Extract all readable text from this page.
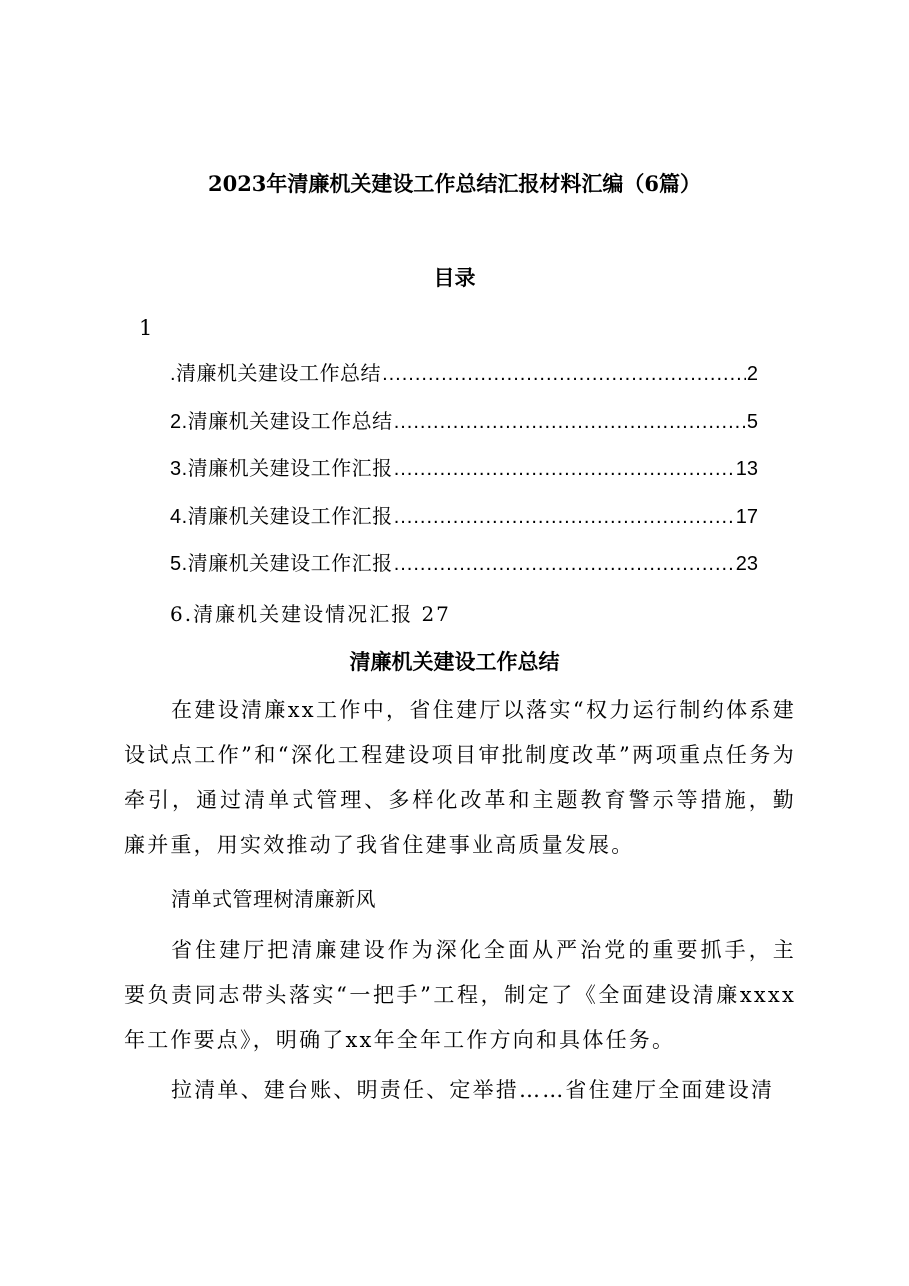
2023年清廉机关建设工作总结汇报材料汇编（6篇）
目录
1
.清廉机关建设工作总结 .....	2
2.清廉机关建设工作总结 .....	5
3.清廉机关建设工作汇报 .....	13
4.清廉机关建设工作汇报 .....	17
5.清廉机关建设工作汇报 .....	23
6.清廉机关建设情况汇报 27
清廉机关建设工作总结

在建设清廉xx工作中，省住建厅以落实“权力运行制约体系建设试点工作”和“深化工程建设项目审批制度改革”两项重点任务为牵引，通过清单式管理、多样化改革和主题教育警示等措施，勤廉并重，用实效推动了我省住建事业高质量发展。

清单式管理树清廉新风

省住建厅把清廉建设作为深化全面从严治党的重要抓手，主要负责同志带头落实“一把手”工程，制定了《全面建设清廉xxxx年工作要点》，明确了xx年全年工作方向和具体任务。

拉清单、建台账、明责任、定举措……省住建厅全面建设清
